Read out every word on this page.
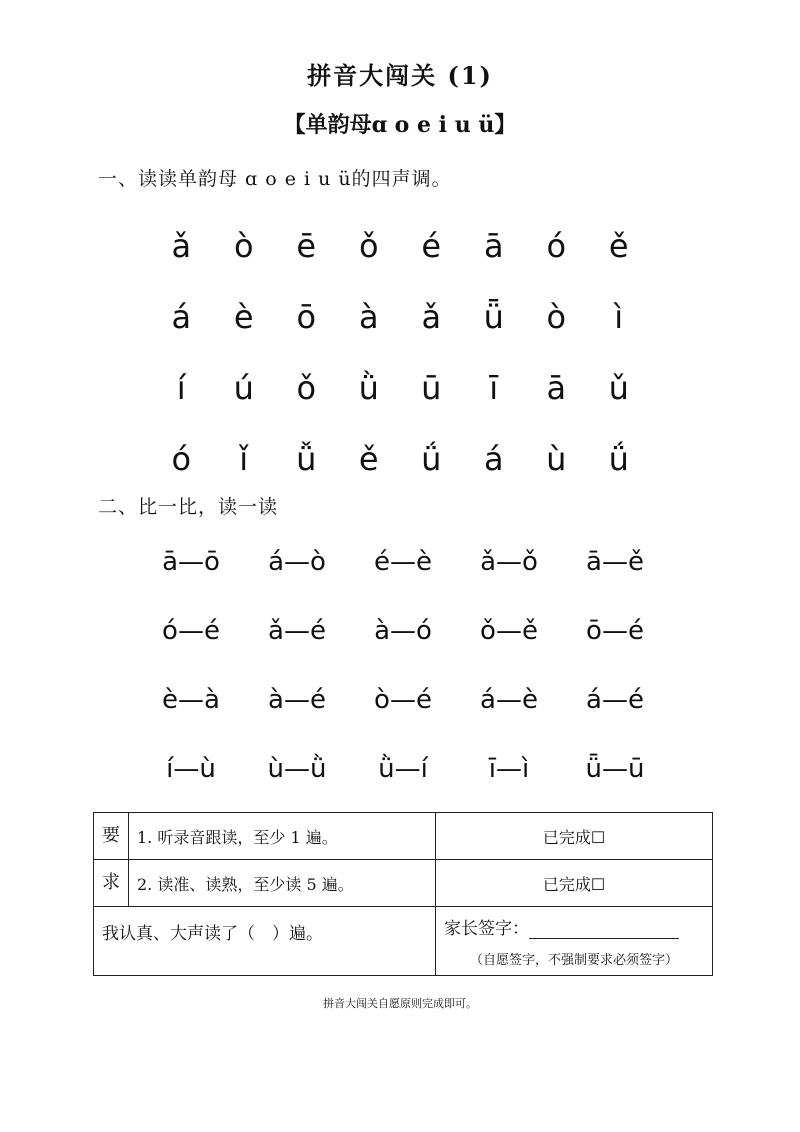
拼音大闯关 (1)
【单韵母ɑ o e i u ü】
一、读读单韵母 ɑ o e i u ü的四声调。
ǎ	ò	ē	ǒ	é	ā	ó	ě
á	è	ō	à	ǎ	ǖ	ò	ì
í	ú	ǒ	ǜ	ū	ī	ā	ǔ
ó	ǐ	ǚ	ě	ǘ	á	ù	ǘ
二、比一比，读一读
ā—ō	á—ò	é—è	ǎ—ǒ	ā—ě
ó—é	ǎ—é	à—ó	ǒ—ě	ō—é
è—à	à—é	ò—é	á—è	á—é
í—ù	ù—ǜ	ǜ—í	ī—ì	ǖ—ū
要	1. 听录音跟读，至少 1 遍。	已完成☐
求	2. 读准、读熟，至少读 5 遍。	已完成☐
我认真、大声读了（　）遍。		家长签字：
（自愿签字，不强制要求必须签字）
拼音大闯关自愿原则完成即可。
